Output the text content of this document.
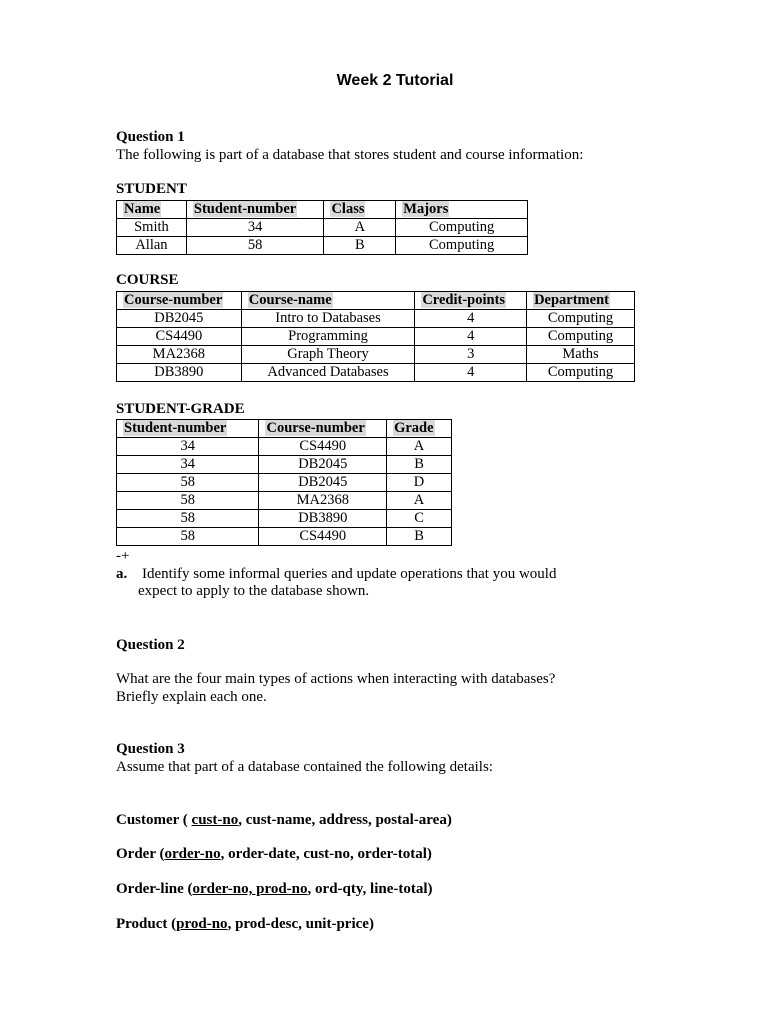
Week 2 Tutorial
Question 1
The following is part of a database that stores student and course information:
STUDENT
Name	Student-number	Class	Majors
Smith	34	A	Computing
Allan	58	B	Computing
COURSE
Course-number	Course-name	Credit-points	Department
DB2045	Intro to Databases	4	Computing
CS4490	Programming	4	Computing
MA2368	Graph Theory	3	Maths
DB3890	Advanced Databases	4	Computing
STUDENT-GRADE
Student-number	Course-number	Grade
34	CS4490	A
34	DB2045	B
58	DB2045	D
58	MA2368	A
58	DB3890	C
58	CS4490	B
-+
a. Identify some informal queries and update operations that you would
expect to apply to the database shown.
Question 2
What are the four main types of actions when interacting with databases?
Briefly explain each one.
Question 3
Assume that part of a database contained the following details:
Customer ( cust-no, cust-name, address, postal-area)
Order (order-no, order-date, cust-no, order-total)
Order-line (order-no, prod-no, ord-qty, line-total)
Product (prod-no, prod-desc, unit-price)
